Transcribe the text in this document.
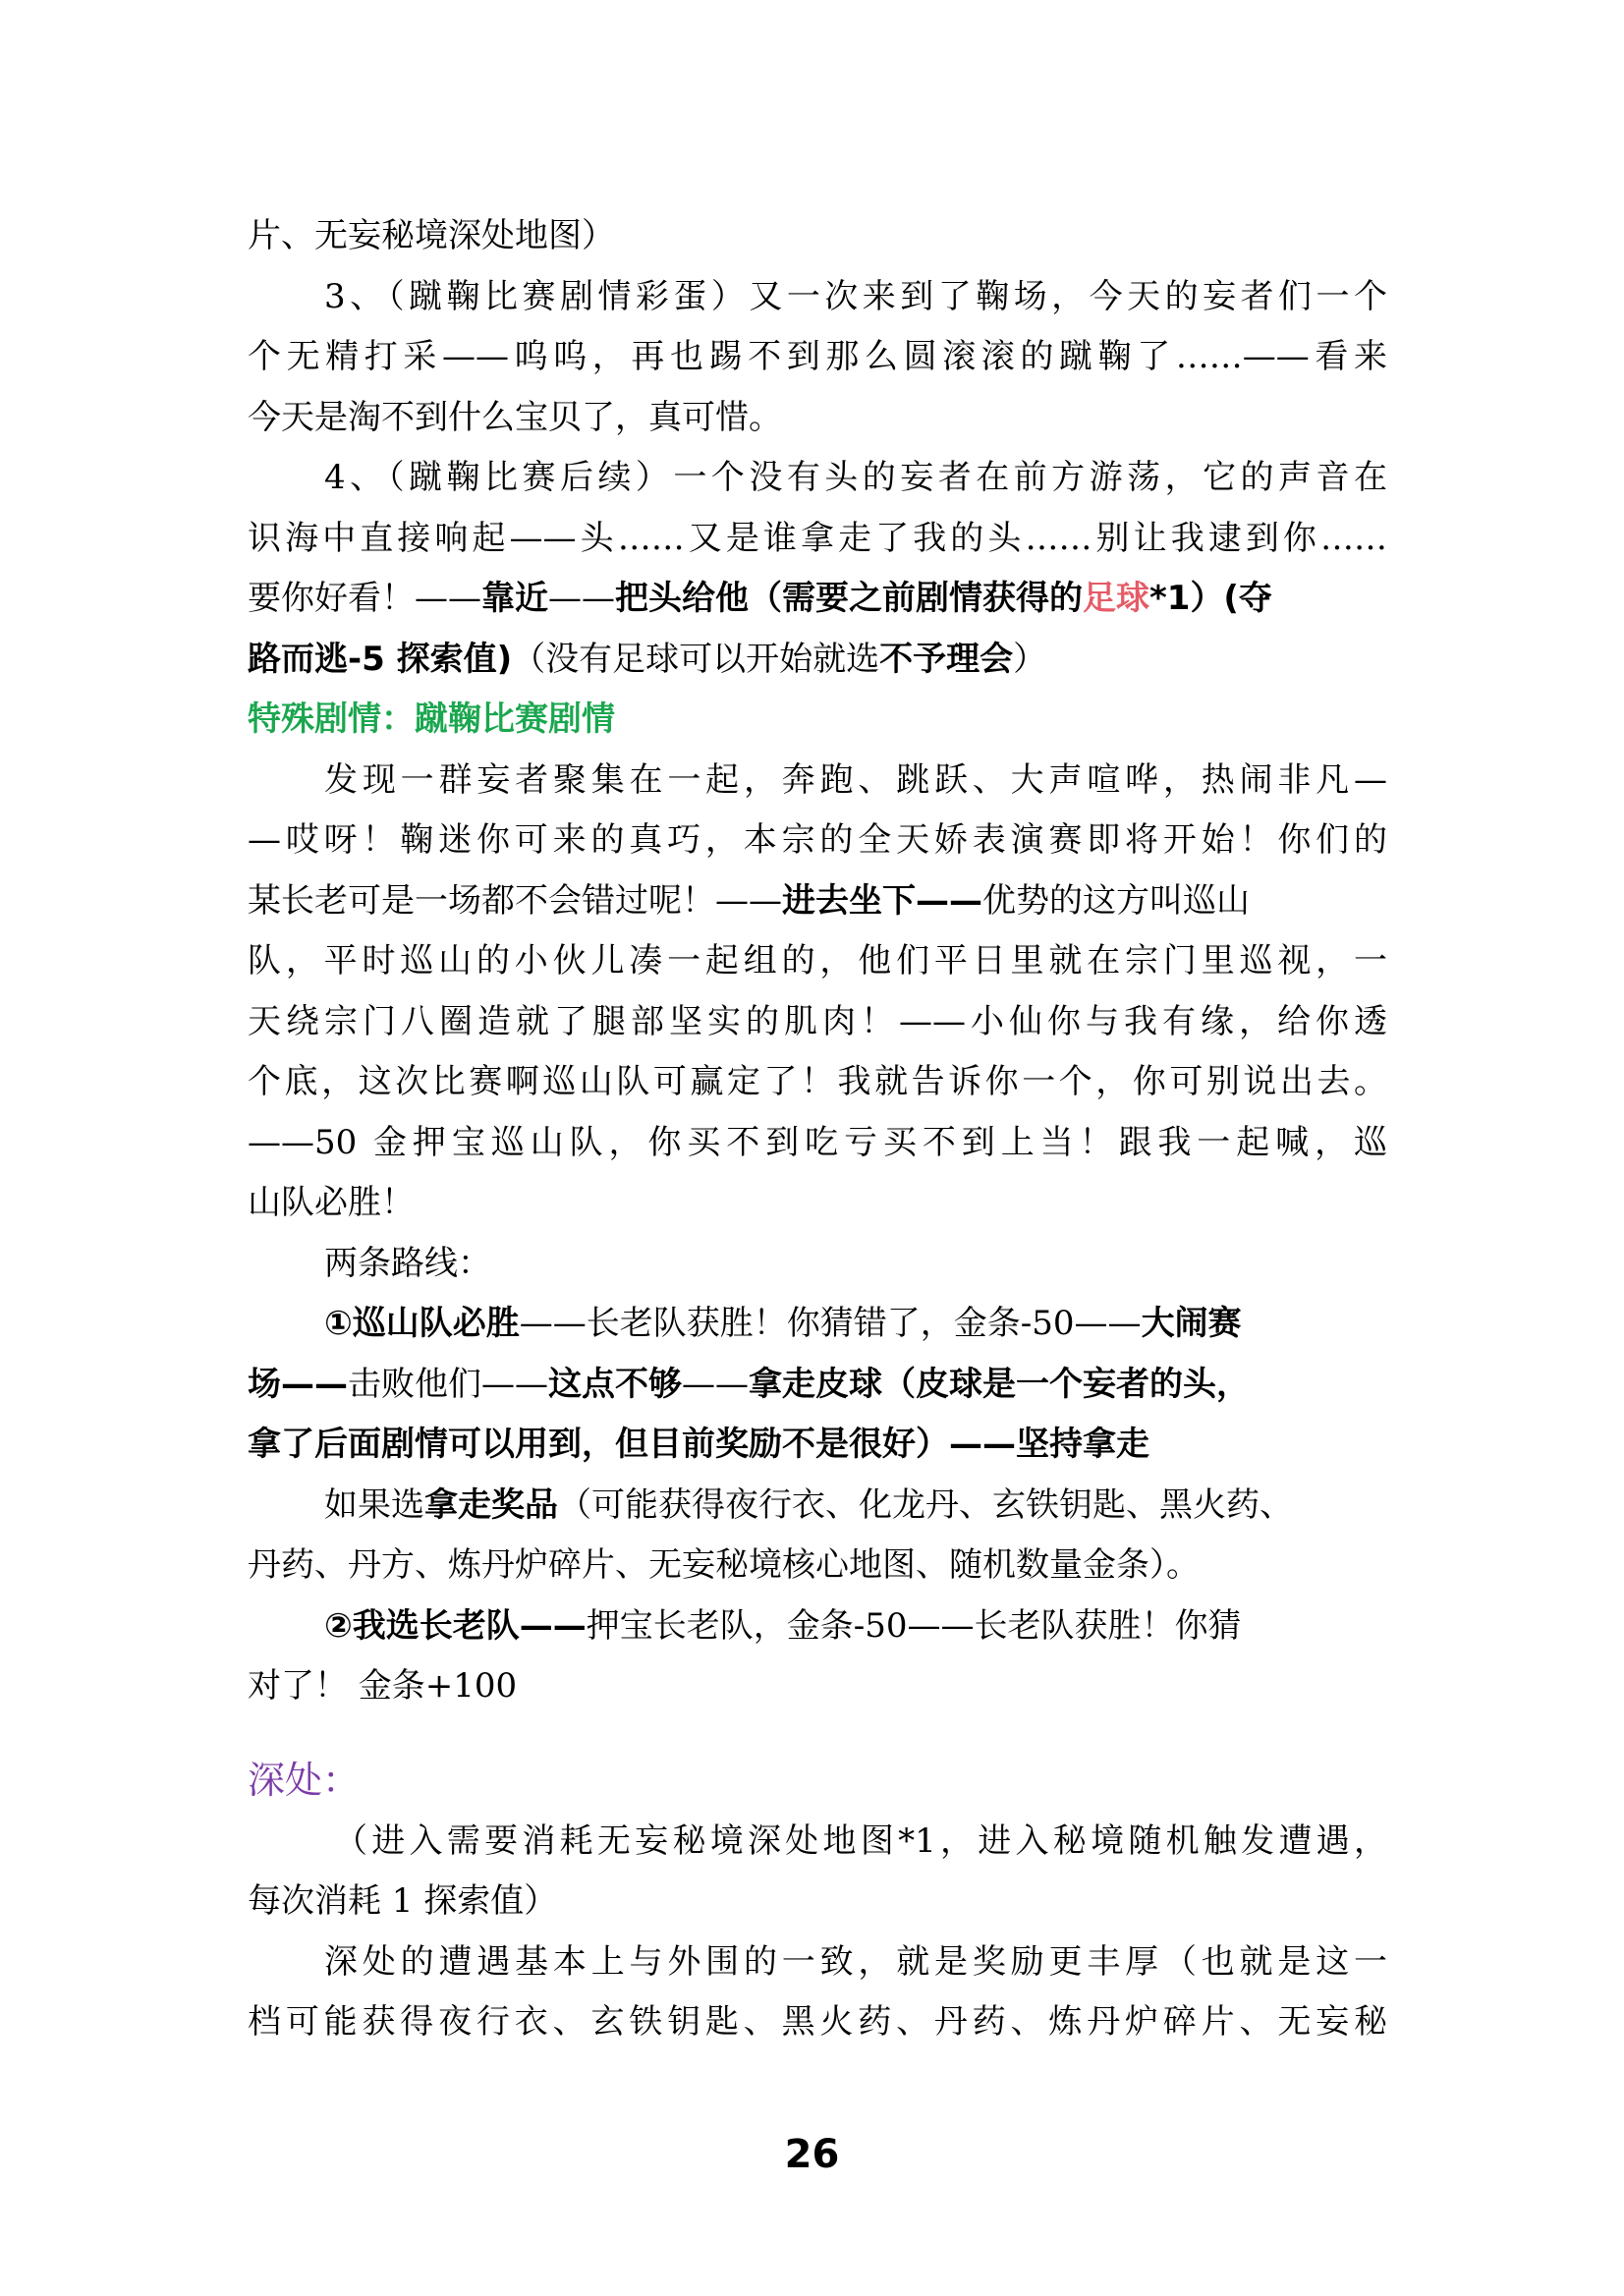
片、无妄秘境深处地图）
3、（蹴鞠比赛剧情彩蛋）又一次来到了鞠场，今天的妄者们一个
个无精打采——呜呜，再也踢不到那么圆滚滚的蹴鞠了……——看来
今天是淘不到什么宝贝了，真可惜。
4、（蹴鞠比赛后续）一个没有头的妄者在前方游荡，它的声音在
识海中直接响起——头……又是谁拿走了我的头……别让我逮到你……
要你好看！——靠近——把头给他（需要之前剧情获得的足球*1）(夺
路而逃-5 探索值)（没有足球可以开始就选不予理会）
特殊剧情：蹴鞠比赛剧情
发现一群妄者聚集在一起，奔跑、跳跃、大声喧哗，热闹非凡—
—哎呀！鞠迷你可来的真巧，本宗的全天娇表演赛即将开始！你们的
某长老可是一场都不会错过呢！——进去坐下——优势的这方叫巡山
队，平时巡山的小伙儿凑一起组的，他们平日里就在宗门里巡视，一
天绕宗门八圈造就了腿部坚实的肌肉！——小仙你与我有缘，给你透
个底，这次比赛啊巡山队可赢定了！我就告诉你一个，你可别说出去。
——50 金押宝巡山队，你买不到吃亏买不到上当！跟我一起喊，巡
山队必胜！
两条路线：
①巡山队必胜——长老队获胜！你猜错了，金条-50——大闹赛
场——击败他们——这点不够——拿走皮球（皮球是一个妄者的头，
拿了后面剧情可以用到，但目前奖励不是很好）——坚持拿走
如果选拿走奖品（可能获得夜行衣、化龙丹、玄铁钥匙、黑火药、
丹药、丹方、炼丹炉碎片、无妄秘境核心地图、随机数量金条）。
②我选长老队——押宝长老队，金条-50——长老队获胜！你猜
对了！ 金条+100
深处：
（进入需要消耗无妄秘境深处地图*1，进入秘境随机触发遭遇，
每次消耗 1 探索值）
深处的遭遇基本上与外围的一致，就是奖励更丰厚（也就是这一
档可能获得夜行衣、玄铁钥匙、黑火药、丹药、炼丹炉碎片、无妄秘
26
